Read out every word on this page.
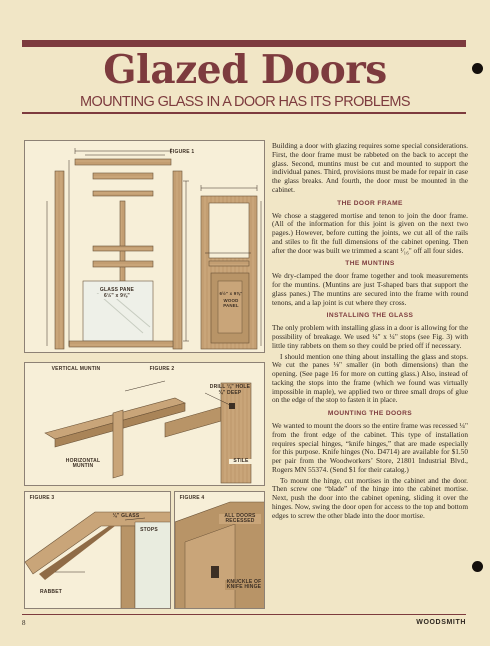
Glazed Doors
MOUNTING GLASS IN A DOOR HAS ITS PROBLEMS
FIGURE 1
GLASS PANE
6½" x 9⅝"	6½" x 9⅝"
WOOD PANEL
FIGURE 2
VERTICAL MUNTIN
DRILL ⅛" HOLE
¾" DEEP
HORIZONTAL MUNTIN
STILE
FIGURE 3
⅛" GLASS
STOPS
RABBET
FIGURE 4
ALL DOORS RECESSED
KNUCKLE OF KNIFE HINGE

Building a door with glazing requires some special considerations. First, the door frame must be rabbeted on the back to accept the glass. Second, muntins must be cut and mounted to support the individual panes. Third, provisions must be made for repair in case the glass breaks. And fourth, the door must be mounted in the cabinet.

THE DOOR FRAME

We chose a staggered mortise and tenon to join the door frame. (All of the information for this joint is given on the next two pages.) However, before cutting the joints, we cut all of the rails and stiles to fit the full dimensions of the cabinet opening. Then after the door was built we trimmed a scant ¹⁄₁₆" off all four sides.

THE MUNTINS

We dry-clamped the door frame together and took measurements for the muntins. (Muntins are just T-shaped bars that support the glass panes.) The muntins are secured into the frame with round tenons, and a lap joint is cut where they cross.

INSTALLING THE GLASS

The only problem with installing glass in a door is allowing for the possibility of breakage. We used ¼" x ¼" stops (see Fig. 3) with little tiny rabbets on them so they could be pried off if necessary.

I should mention one thing about installing the glass and stops. We cut the panes ⅛" smaller (in both dimensions) than the opening. (See page 16 for more on cutting glass.) Also, instead of tacking the stops into the frame (which we found was virtually impossible in maple), we applied two or three small drops of glue on the edge of the stop to fasten it in place.

MOUNTING THE DOORS

We wanted to mount the doors so the entire frame was recessed ¼" from the front edge of the cabinet. This type of installation requires special hinges, “knife hinges,” that are made especially for this purpose. Knife hinges (No. D4714) are available for $1.50 per pair from the Woodworkers’ Store, 21801 Industrial Blvd., Rogers MN 55374. (Send $1 for their catalog.)

To mount the hinge, cut mortises in the cabinet and the door. Then screw one “blade” of the hinge into the cabinet mortise. Next, push the door into the cabinet opening, sliding it over the hinges. Now, swing the door open for access to the top and bottom edges to screw the other blade into the door mortise.

8	WOODSMITH
